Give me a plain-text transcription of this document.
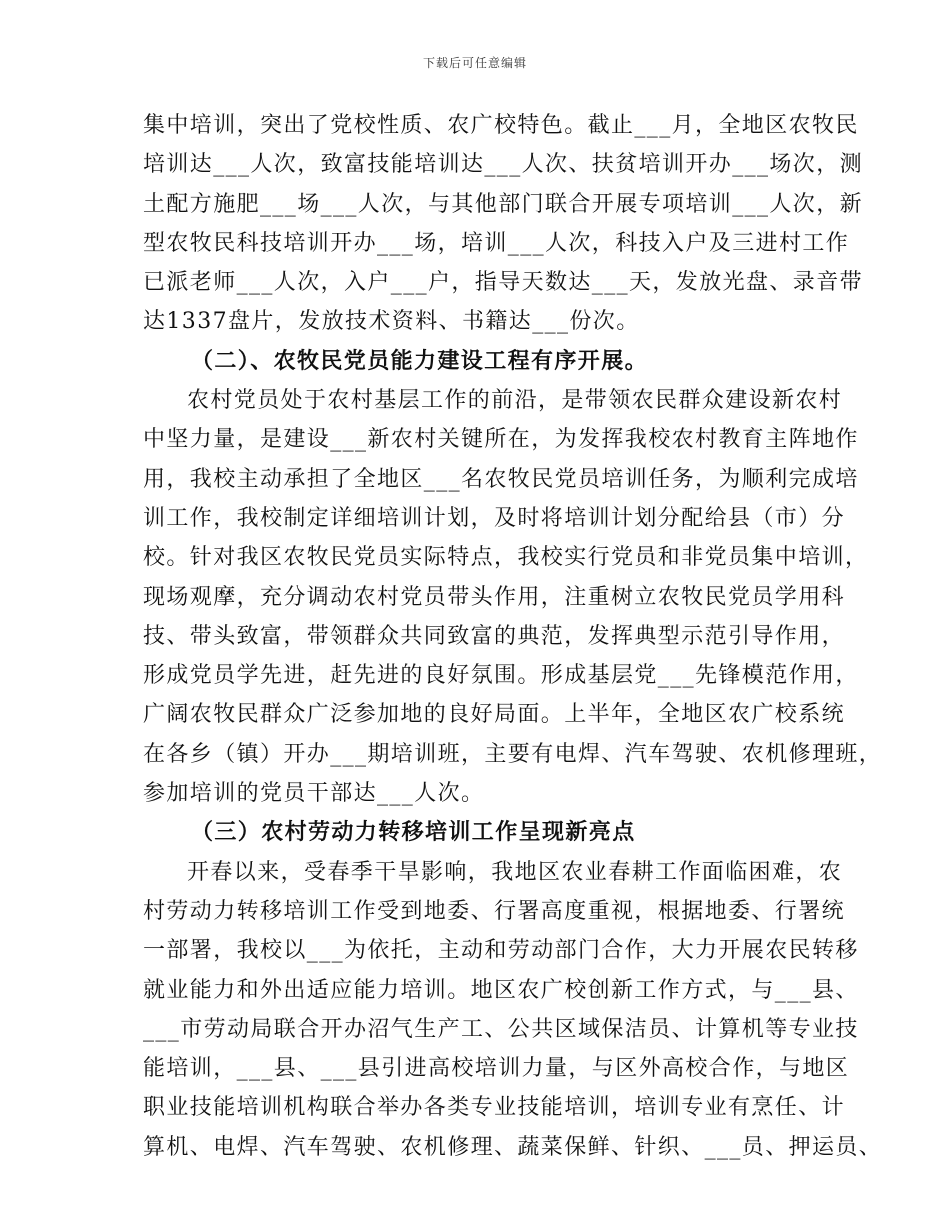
下载后可任意编辑
集中培训，突出了党校性质、农广校特色。截止___月，全地区农牧民
培训达___人次，致富技能培训达___人次、扶贫培训开办___场次，测
土配方施肥___场___人次，与其他部门联合开展专项培训___人次，新
型农牧民科技培训开办___场，培训___人次，科技入户及三进村工作
已派老师___人次，入户___户，指导天数达___天，发放光盘、录音带
达1337盘片，发放技术资料、书籍达___份次。
（二）、农牧民党员能力建设工程有序开展。
农村党员处于农村基层工作的前沿，是带领农民群众建设新农村
中坚力量，是建设___新农村关键所在，为发挥我校农村教育主阵地作
用，我校主动承担了全地区___名农牧民党员培训任务，为顺利完成培
训工作，我校制定详细培训计划，及时将培训计划分配给县（市）分
校。针对我区农牧民党员实际特点，我校实行党员和非党员集中培训，
现场观摩，充分调动农村党员带头作用，注重树立农牧民党员学用科
技、带头致富，带领群众共同致富的典范，发挥典型示范引导作用，
形成党员学先进，赶先进的良好氛围。形成基层党___先锋模范作用，
广阔农牧民群众广泛参加地的良好局面。上半年，全地区农广校系统
在各乡（镇）开办___期培训班，主要有电焊、汽车驾驶、农机修理班，
参加培训的党员干部达___人次。
（三）农村劳动力转移培训工作呈现新亮点
开春以来，受春季干旱影响，我地区农业春耕工作面临困难，农
村劳动力转移培训工作受到地委、行署高度重视，根据地委、行署统
一部署，我校以___为依托，主动和劳动部门合作，大力开展农民转移
就业能力和外出适应能力培训。地区农广校创新工作方式，与___县、
___市劳动局联合开办沼气生产工、公共区域保洁员、计算机等专业技
能培训，___县、___县引进高校培训力量，与区外高校合作，与地区
职业技能培训机构联合举办各类专业技能培训，培训专业有烹任、计
算机、电焊、汽车驾驶、农机修理、蔬菜保鲜、针织、___员、押运员、
